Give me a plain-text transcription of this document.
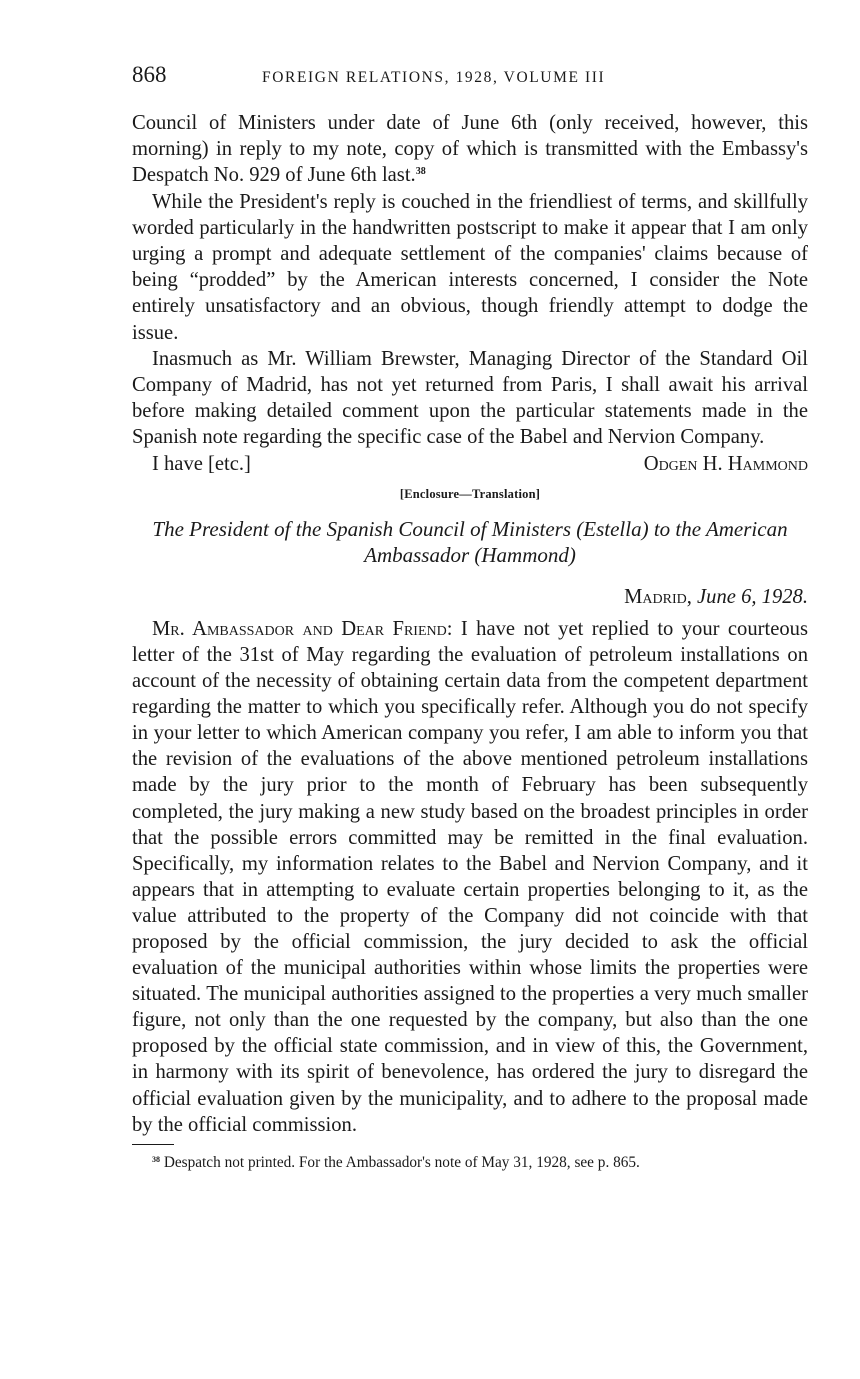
868	FOREIGN RELATIONS, 1928, VOLUME III

Council of Ministers under date of June 6th (only received, however, this morning) in reply to my note, copy of which is transmitted with the Embassy's Despatch No. 929 of June 6th last.$^{38}$

While the President's reply is couched in the friendliest of terms, and skillfully worded particularly in the handwritten postscript to make it appear that I am only urging a prompt and adequate settlement of the companies' claims because of being “prodded” by the American interests concerned, I consider the Note entirely unsatisfactory and an obvious, though friendly attempt to dodge the issue.

Inasmuch as Mr. William Brewster, Managing Director of the Standard Oil Company of Madrid, has not yet returned from Paris, I shall await his arrival before making detailed comment upon the particular statements made in the Spanish note regarding the specific case of the Babel and Nervion Company.

I have [etc.]	Odgen H. Hammond
[Enclosure—Translation]
The President of the Spanish Council of Ministers (Estella) to the American Ambassador (Hammond)
Madrid, June 6, 1928.

Mr. Ambassador and Dear Friend: I have not yet replied to your courteous letter of the 31st of May regarding the evaluation of petroleum installations on account of the necessity of obtaining certain data from the competent department regarding the matter to which you specifically refer. Although you do not specify in your letter to which American company you refer, I am able to inform you that the revision of the evaluations of the above mentioned petroleum installations made by the jury prior to the month of February has been subsequently completed, the jury making a new study based on the broadest principles in order that the possible errors committed may be remitted in the final evaluation. Specifically, my information relates to the Babel and Nervion Company, and it appears that in attempting to evaluate certain properties belonging to it, as the value attributed to the property of the Company did not coincide with that proposed by the official commission, the jury decided to ask the official evaluation of the municipal authorities within whose limits the properties were situated. The municipal authorities assigned to the properties a very much smaller figure, not only than the one requested by the company, but also than the one proposed by the official state commission, and in view of this, the Government, in harmony with its spirit of benevolence, has ordered the jury to disregard the official evaluation given by the municipality, and to adhere to the proposal made by the official commission.

$^{38}$ Despatch not printed. For the Ambassador's note of May 31, 1928, see p. 865.
